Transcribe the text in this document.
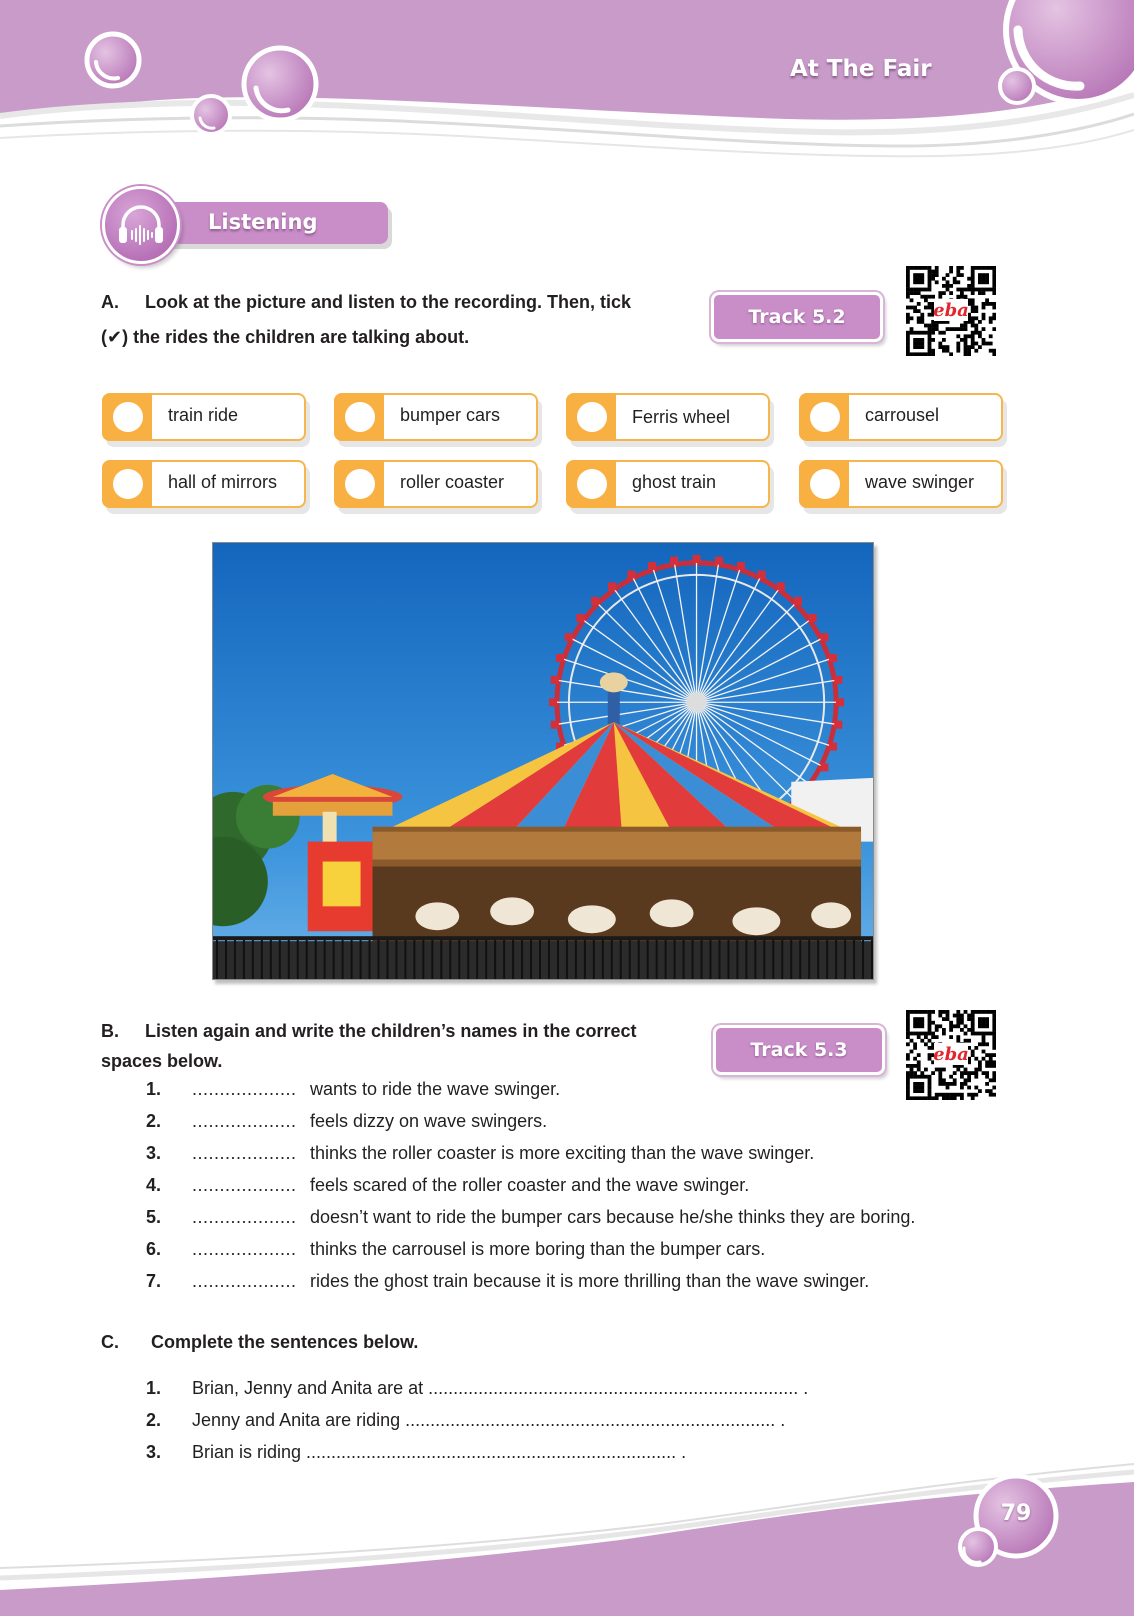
At The Fair
Listening
A. Look at the picture and listen to the recording. Then, tick
(✔) the rides the children are talking about.
Track 5.2	eba
train ride	bumper cars	Ferris wheel	carrousel
hall of mirrors	roller coaster	ghost train	wave swinger
B. Listen again and write the children’s names in the correct
spaces below.	Track 5.3	eba
1. ................... wants to ride the wave swinger.
2. ................... feels dizzy on wave swingers.
3. ................... thinks the roller coaster is more exciting than the wave swinger.
4. ................... feels scared of the roller coaster and the wave swinger.
5. ................... doesn’t want to ride the bumper cars because he/she thinks they are boring.
6. ................... thinks the carrousel is more boring than the bumper cars.
7. ................... rides the ghost train because it is more thrilling than the wave swinger.
C. Complete the sentences below.
1. Brian, Jenny and Anita are at .......................................................................... .
2. Jenny and Anita are riding .......................................................................... .
3. Brian is riding .......................................................................... .
79
